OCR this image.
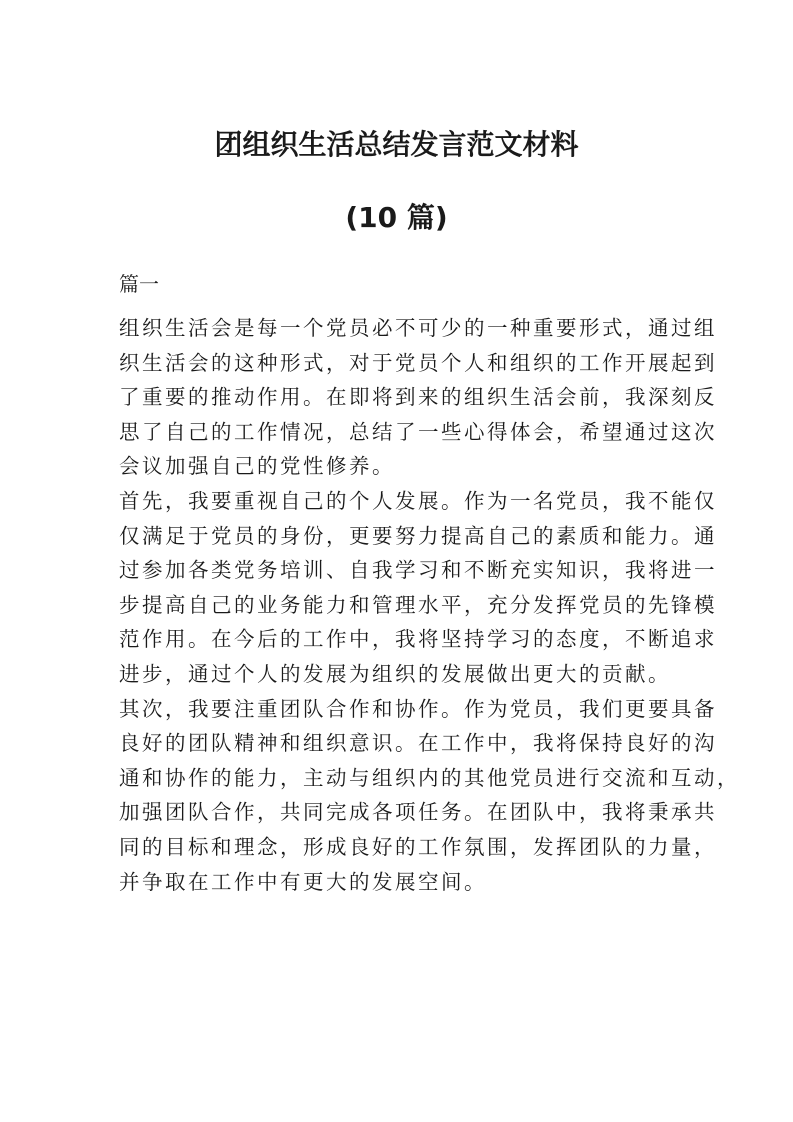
团组织生活总结发言范文材料
(10 篇)

篇一

组织生活会是每一个党员必不可少的一种重要形式，通过组
织生活会的这种形式，对于党员个人和组织的工作开展起到
了重要的推动作用。在即将到来的组织生活会前，我深刻反
思了自己的工作情况，总结了一些心得体会，希望通过这次
会议加强自己的党性修养。
首先，我要重视自己的个人发展。作为一名党员，我不能仅
仅满足于党员的身份，更要努力提高自己的素质和能力。通
过参加各类党务培训、自我学习和不断充实知识，我将进一
步提高自己的业务能力和管理水平，充分发挥党员的先锋模
范作用。在今后的工作中，我将坚持学习的态度，不断追求
进步，通过个人的发展为组织的发展做出更大的贡献。
其次，我要注重团队合作和协作。作为党员，我们更要具备
良好的团队精神和组织意识。在工作中，我将保持良好的沟
通和协作的能力，主动与组织内的其他党员进行交流和互动，
加强团队合作，共同完成各项任务。在团队中，我将秉承共
同的目标和理念，形成良好的工作氛围，发挥团队的力量，
并争取在工作中有更大的发展空间。
